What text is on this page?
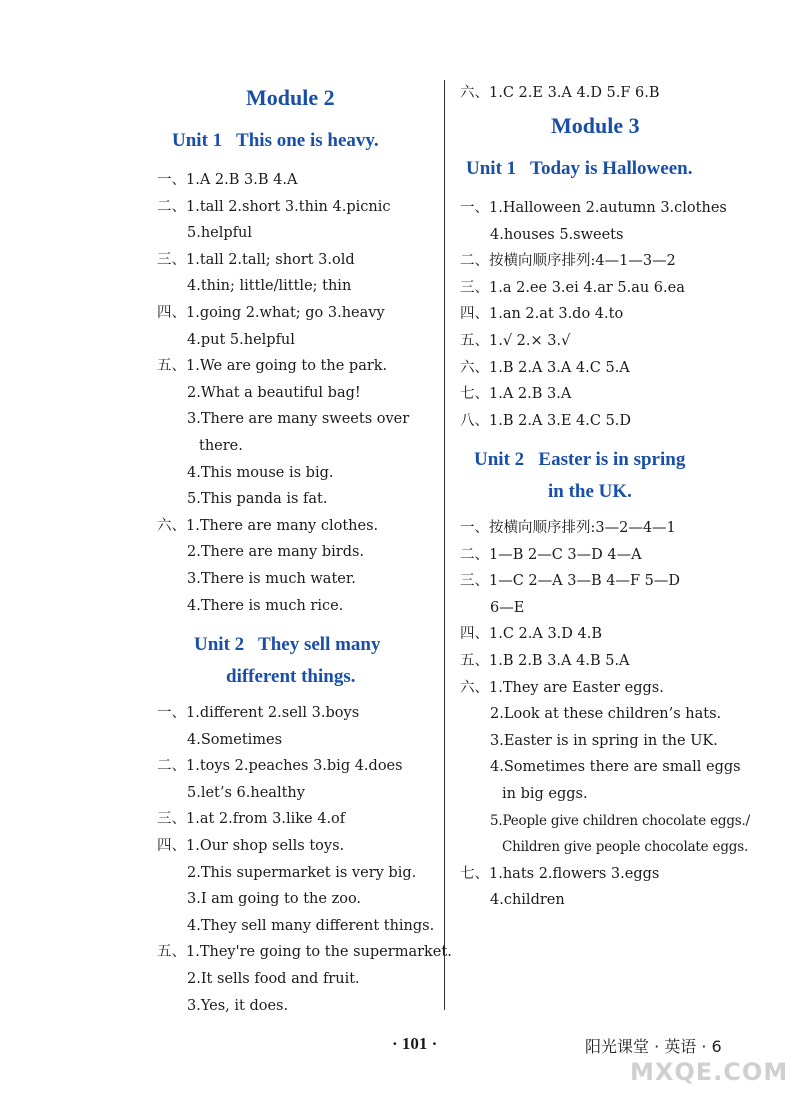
Module 2
Unit 1   This one is heavy.

一、1.A 2.B 3.B 4.A

二、1.tall 2.short 3.thin 4.picnic

5.helpful

三、1.tall 2.tall; short 3.old

4.thin; little/little; thin

四、1.going 2.what; go 3.heavy

4.put 5.helpful

五、1.We are going to the park.

2.What a beautiful bag!

3.There are many sweets over

there.

4.This mouse is big.

5.This panda is fat.

六、1.There are many clothes.

2.There are many birds.

3.There is much water.

4.There is much rice.

Unit 2   They sell many
different things.

一、1.different 2.sell 3.boys

4.Sometimes

二、1.toys 2.peaches 3.big 4.does

5.let’s 6.healthy

三、1.at 2.from 3.like 4.of

四、1.Our shop sells toys.

2.This supermarket is very big.

3.I am going to the zoo.

4.They sell many different things.

五、1.They're going to the supermarket.

2.It sells food and fruit.

3.Yes, it does.

六、1.C 2.E 3.A 4.D 5.F 6.B

Module 3
Unit 1   Today is Halloween.

一、1.Halloween 2.autumn 3.clothes

4.houses 5.sweets

二、按横向顺序排列:4—1—3—2

三、1.a 2.ee 3.ei 4.ar 5.au 6.ea

四、1.an 2.at 3.do 4.to

五、1.√ 2.× 3.√

六、1.B 2.A 3.A 4.C 5.A

七、1.A 2.B 3.A

八、1.B 2.A 3.E 4.C 5.D

Unit 2   Easter is in spring
in the UK.

一、按横向顺序排列:3—2—4—1

二、1—B 2—C 3—D 4—A

三、1—C 2—A 3—B 4—F 5—D

6—E

四、1.C 2.A 3.D 4.B

五、1.B 2.B 3.A 4.B 5.A

六、1.They are Easter eggs.

2.Look at these children’s hats.

3.Easter is in spring in the UK.

4.Sometimes there are small eggs

in big eggs.

5.People give children chocolate eggs./

Children give people chocolate eggs.

七、1.hats 2.flowers 3.eggs

4.children

· 101 ·	阳光课堂 · 英语 · 6
MXQE.COM
